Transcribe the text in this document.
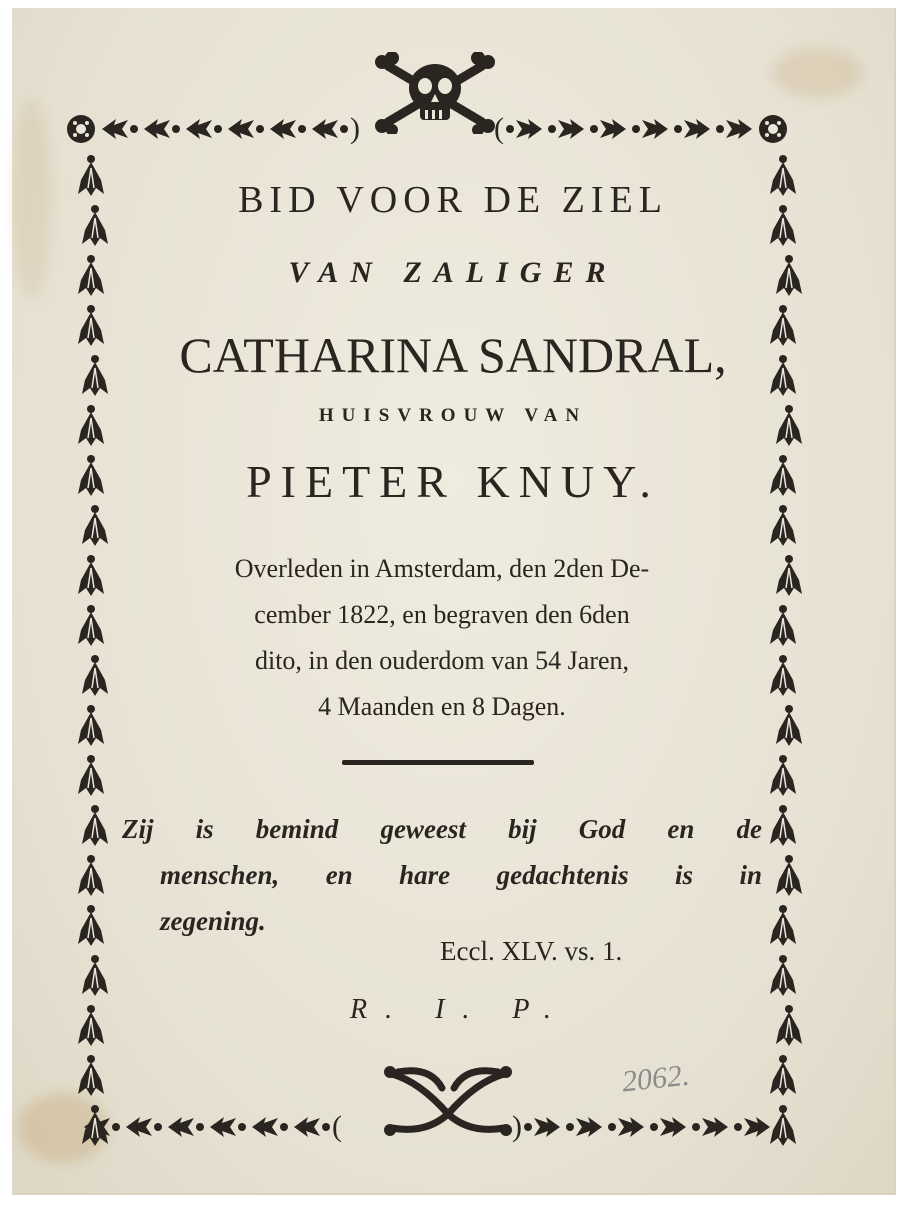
)	(
BID VOOR DE ZIEL
VAN ZALIGER
CATHARINA SANDRAL,
HUISVROUW VAN
PIETER KNUY.
Overleden in Amsterdam, den 2den De-
cember 1822, en begraven den 6den
dito, in den ouderdom van 54 Jaren,
4 Maanden en 8 Dagen.
Zij is bemind geweest bij God en de
menschen, en hare gedachtenis is in
zegening.
Eccl. XLV. vs. 1.
R. I. P.
2062.
(	)
